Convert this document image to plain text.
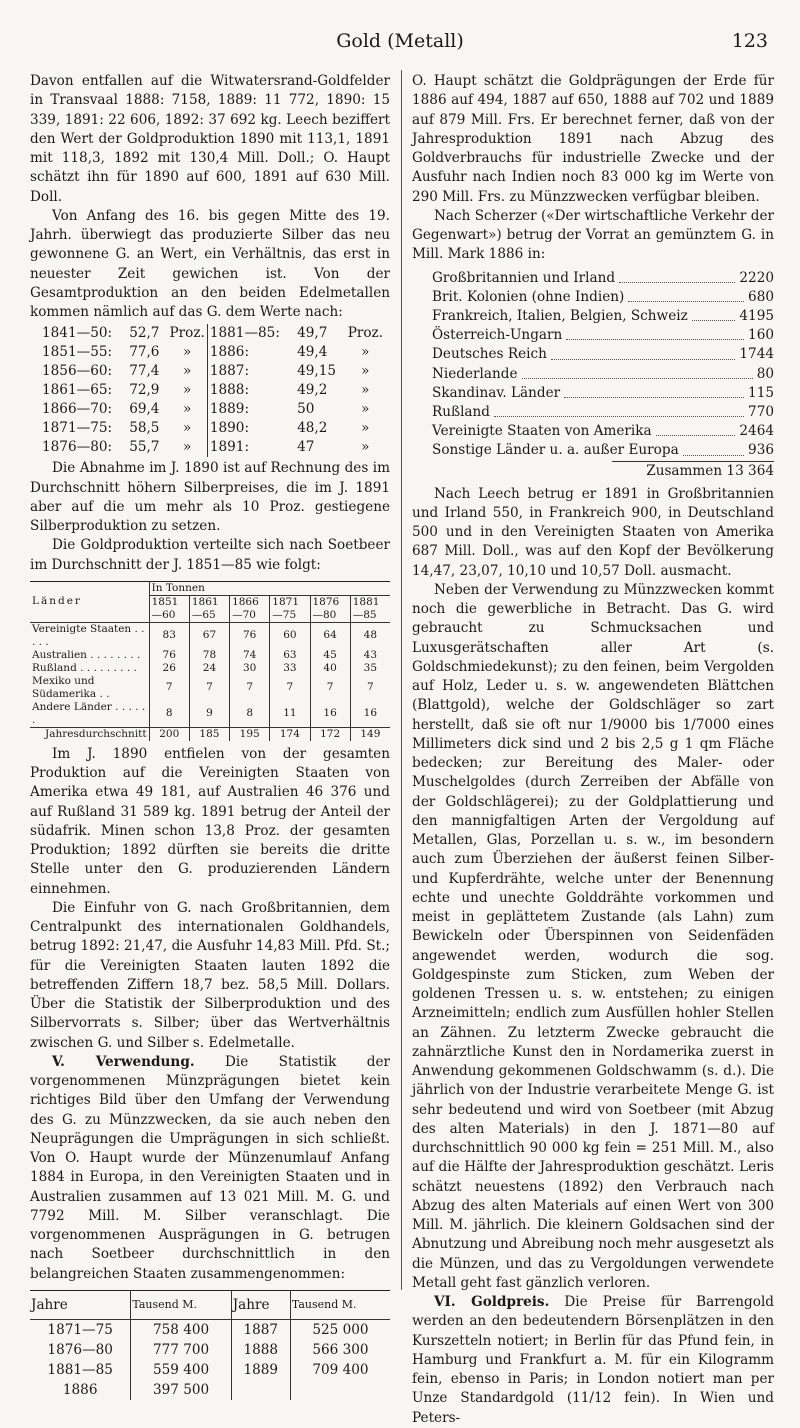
Gold (Metall)	123

Davon entfallen auf die Witwatersrand-Goldfelder in Transvaal 1888: 7158, 1889: 11 772, 1890: 15 339, 1891: 22 606, 1892: 37 692 kg. Leech beziffert den Wert der Goldproduktion 1890 mit 113,1, 1891 mit 118,3, 1892 mit 130,4 Mill. Doll.; O. Haupt schätzt ihn für 1890 auf 600, 1891 auf 630 Mill. Doll.

Von Anfang des 16. bis gegen Mitte des 19. Jahrh. überwiegt das produzierte Silber das neu gewonnene G. an Wert, ein Verhältnis, das erst in neuester Zeit gewichen ist. Von der Gesamtproduktion an den beiden Edelmetallen kommen nämlich auf das G. dem Werte nach:

1841—50:	52,7	Proz.	1881—85:	49,7	Proz.
1851—55:	77,6	»	1886:	49,4	»
1856—60:	77,4	»	1887:	49,15	»
1861—65:	72,9	»	1888:	49,2	»
1866—70:	69,4	»	1889:	50	»
1871—75:	58,5	»	1890:	48,2	»
1876—80:	55,7	»	1891:	47	»

Die Abnahme im J. 1890 ist auf Rechnung des im Durchschnitt höhern Silberpreises, die im J. 1891 aber auf die um mehr als 10 Proz. gestiegene Silberproduktion zu setzen.

Die Goldproduktion verteilte sich nach Soetbeer im Durchschnitt der J. 1851—85 wie folgt:

Länder	In Tonnen					
	1851 —60	1861 —65	1866 —70	1871 —75	1876 —80	1881 —85
Vereinigte Staaten . . . . .	83	67	76	60	64	48
Australien . . . . . . . .	76	78	74	63	45	43
Rußland . . . . . . . . .	26	24	30	33	40	35
Mexiko und Südamerika . .	7	7	7	7	7	7
Andere Länder . . . . . .	8	9	8	11	16	16
Jahresdurchschnitt	200	185	195	174	172	149

Im J. 1890 entfielen von der gesamten Produktion auf die Vereinigten Staaten von Amerika etwa 49 181, auf Australien 46 376 und auf Rußland 31 589 kg. 1891 betrug der Anteil der südafrik. Minen schon 13,8 Proz. der gesamten Produktion; 1892 dürften sie bereits die dritte Stelle unter den G. produzierenden Ländern einnehmen.

Die Einfuhr von G. nach Großbritannien, dem Centralpunkt des internationalen Goldhandels, betrug 1892: 21,47, die Ausfuhr 14,83 Mill. Pfd. St.; für die Vereinigten Staaten lauten 1892 die betreffenden Ziffern 18,7 bez. 58,5 Mill. Dollars. Über die Statistik der Silberproduktion und des Silbervorrats s. Silber; über das Wertverhältnis zwischen G. und Silber s. Edelmetalle.

V. Verwendung. Die Statistik der vorgenommenen Münzprägungen bietet kein richtiges Bild über den Umfang der Verwendung des G. zu Münzzwecken, da sie auch neben den Neuprägungen die Umprägungen in sich schließt. Von O. Haupt wurde der Münzenumlauf Anfang 1884 in Europa, in den Vereinigten Staaten und in Australien zusammen auf 13 021 Mill. M. G. und 7792 Mill. M. Silber veranschlagt. Die vorgenommenen Ausprägungen in G. betrugen nach Soetbeer durchschnittlich in den belangreichen Staaten zusammengenommen:

Jahre	Tausend M.	Jahre	Tausend M.
1871—75	758 400	1887	525 000
1876—80	777 700	1888	566 300
1881—85	559 400	1889	709 400
1886	397 500		

O. Haupt schätzt die Goldprägungen der Erde für 1886 auf 494, 1887 auf 650, 1888 auf 702 und 1889 auf 879 Mill. Frs. Er berechnet ferner, daß von der Jahresproduktion 1891 nach Abzug des Goldverbrauchs für industrielle Zwecke und der Ausfuhr nach Indien noch 83 000 kg im Werte von 290 Mill. Frs. zu Münzzwecken verfügbar bleiben.

Nach Scherzer («Der wirtschaftliche Verkehr der Gegenwart») betrug der Vorrat an gemünztem G. in Mill. Mark 1886 in:

Großbritannien und Irland	2220
Brit. Kolonien (ohne Indien)	680
Frankreich, Italien, Belgien, Schweiz	4195
Österreich-Ungarn	160
Deutsches Reich	1744
Niederlande	80
Skandinav. Länder	115
Rußland	770
Vereinigte Staaten von Amerika	2464
Sonstige Länder u. a. außer Europa	936
Zusammen 13 364

Nach Leech betrug er 1891 in Großbritannien und Irland 550, in Frankreich 900, in Deutschland 500 und in den Vereinigten Staaten von Amerika 687 Mill. Doll., was auf den Kopf der Bevölkerung 14,47, 23,07, 10,10 und 10,57 Doll. ausmacht.

Neben der Verwendung zu Münzzwecken kommt noch die gewerbliche in Betracht. Das G. wird gebraucht zu Schmucksachen und Luxusgerätschaften aller Art (s. Goldschmiedekunst); zu den feinen, beim Vergolden auf Holz, Leder u. s. w. angewendeten Blättchen (Blattgold), welche der Goldschläger so zart herstellt, daß sie oft nur 1/9000 bis 1/7000 eines Millimeters dick sind und 2 bis 2,5 g 1 qm Fläche bedecken; zur Bereitung des Maler- oder Muschelgoldes (durch Zerreiben der Abfälle von der Goldschlägerei); zu der Goldplattierung und den mannigfaltigen Arten der Vergoldung auf Metallen, Glas, Porzellan u. s. w., im besondern auch zum Überziehen der äußerst feinen Silber- und Kupferdrähte, welche unter der Benennung echte und unechte Golddrähte vorkommen und meist in geplättetem Zustande (als Lahn) zum Bewickeln oder Überspinnen von Seidenfäden angewendet werden, wodurch die sog. Goldgespinste zum Sticken, zum Weben der goldenen Tressen u. s. w. entstehen; zu einigen Arzneimitteln; endlich zum Ausfüllen hohler Stellen an Zähnen. Zu letzterm Zwecke gebraucht die zahnärztliche Kunst den in Nordamerika zuerst in Anwendung gekommenen Goldschwamm (s. d.). Die jährlich von der Industrie verarbeitete Menge G. ist sehr bedeutend und wird von Soetbeer (mit Abzug des alten Materials) in den J. 1871—80 auf durchschnittlich 90 000 kg fein = 251 Mill. M., also auf die Hälfte der Jahresproduktion geschätzt. Leris schätzt neuestens (1892) den Verbrauch nach Abzug des alten Materials auf einen Wert von 300 Mill. M. jährlich. Die kleinern Goldsachen sind der Abnutzung und Abreibung noch mehr ausgesetzt als die Münzen, und das zu Vergoldungen verwendete Metall geht fast gänzlich verloren.

VI. Goldpreis. Die Preise für Barrengold werden an den bedeutendern Börsenplätzen in den Kurszetteln notiert; in Berlin für das Pfund fein, in Hamburg und Frankfurt a. M. für ein Kilogramm fein, ebenso in Paris; in London notiert man per Unze Standardgold (11/12 fein). In Wien und Peters-
